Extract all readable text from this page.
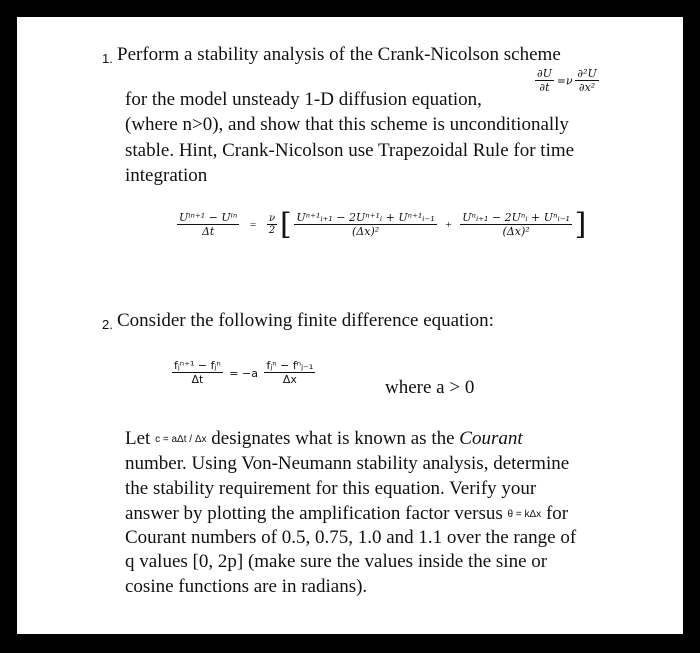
1. Perform a stability analysis of the Crank-Nicolson scheme
$\frac{\partial U}{\partial t} =\nu \frac{\text{∂²U}}{\text{∂x²}}$
for the model unsteady 1-D diffusion equation,
(where n>0), and show that this scheme is unconditionally
stable. Hint, Crank-Nicolson use Trapezoidal Rule for time
integration
$\frac{\text{Uⁱⁿ⁺¹ − Uⁱⁿ}}{\Delta t} = \frac{\nu}{2}$ [ $\frac{\text{Uⁿ⁺¹ᵢ₊₁ − 2Uⁿ⁺¹ᵢ + Uⁿ⁺¹ᵢ₋₁}}{\text{(Δx)²}} + \frac{\text{Uⁿᵢ₊₁ − 2Uⁿᵢ + Uⁿᵢ₋₁}}{\text{(Δx)²}}$ ]
2. Consider the following finite difference equation:
$\frac{\text{fⱼⁿ⁺¹ − fⱼⁿ}}{\Delta t} = -a \frac{\text{fⱼⁿ − fⁿⱼ₋₁}}{\Delta x}$
where a > 0
Let c = aΔt / Δx designates what is known as the Courant
number. Using Von-Neumann stability analysis, determine
the stability requirement for this equation. Verify your
answer by plotting the amplification factor versus θ = kΔx for
Courant numbers of 0.5, 0.75, 1.0 and 1.1 over the range of
q values [0, 2p] (make sure the values inside the sine or
cosine functions are in radians).
